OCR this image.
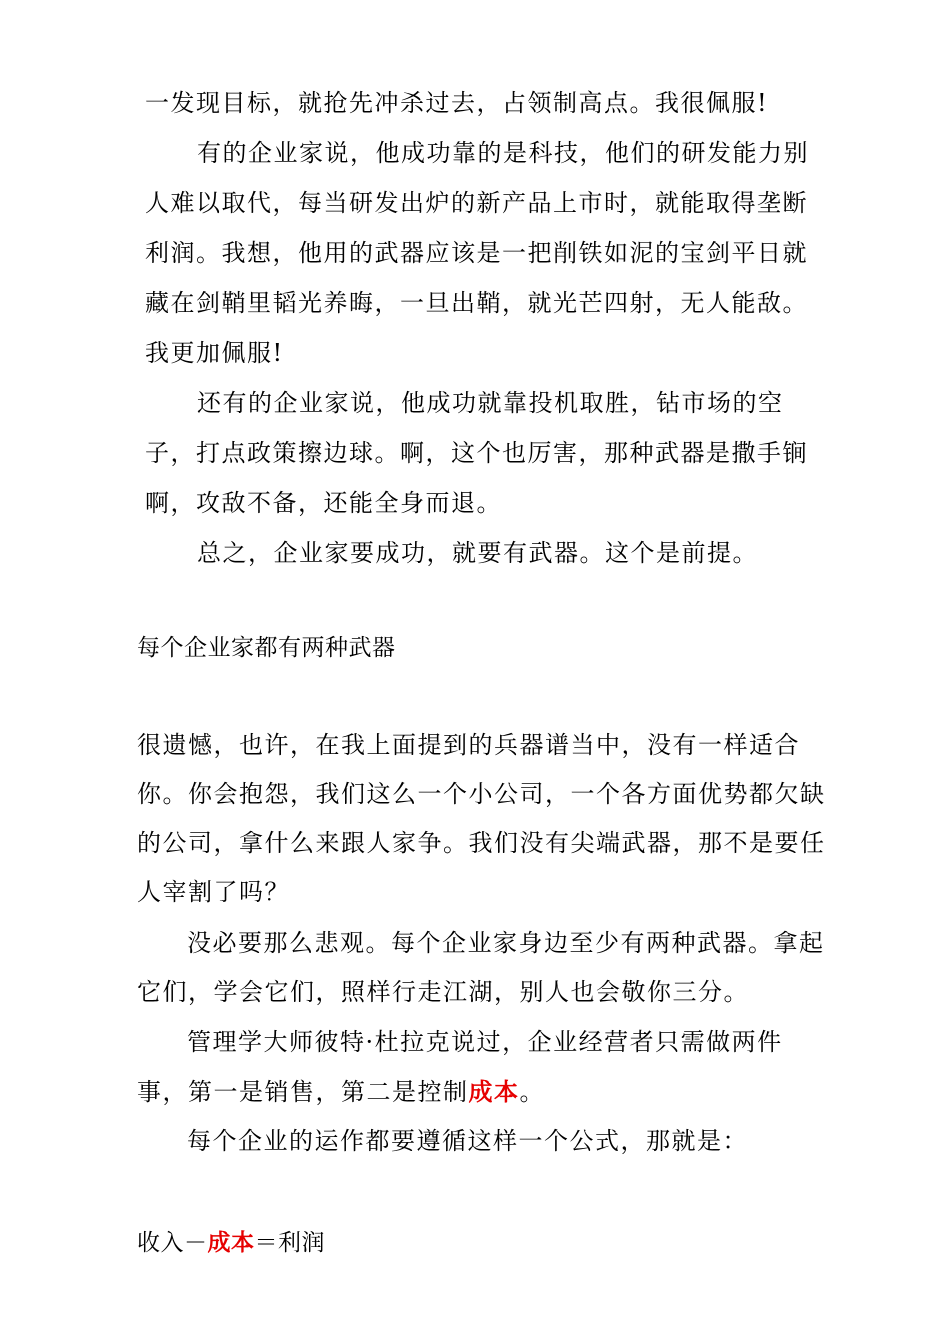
一发现目标，就抢先冲杀过去，占领制高点。我很佩服!

有的企业家说，他成功靠的是科技，他们的研发能力别人难以取代，每当研发出炉的新产品上市时，就能取得垄断利润。我想，他用的武器应该是一把削铁如泥的宝剑平日就藏在剑鞘里韬光养晦，一旦出鞘，就光芒四射，无人能敌。我更加佩服!

还有的企业家说，他成功就靠投机取胜，钻市场的空子，打点政策擦边球。啊，这个也厉害，那种武器是撒手锏啊，攻敌不备，还能全身而退。

总之，企业家要成功，就要有武器。这个是前提。

每个企业家都有两种武器

很遗憾，也许，在我上面提到的兵器谱当中，没有一样适合你。你会抱怨，我们这么一个小公司，一个各方面优势都欠缺的公司，拿什么来跟人家争。我们没有尖端武器，那不是要任人宰割了吗？

没必要那么悲观。每个企业家身边至少有两种武器。拿起它们，学会它们，照样行走江湖，别人也会敬你三分。

管理学大师彼特·杜拉克说过，企业经营者只需做两件事，第一是销售，第二是控制成本。

每个企业的运作都要遵循这样一个公式，那就是：

收入－成本＝利润
